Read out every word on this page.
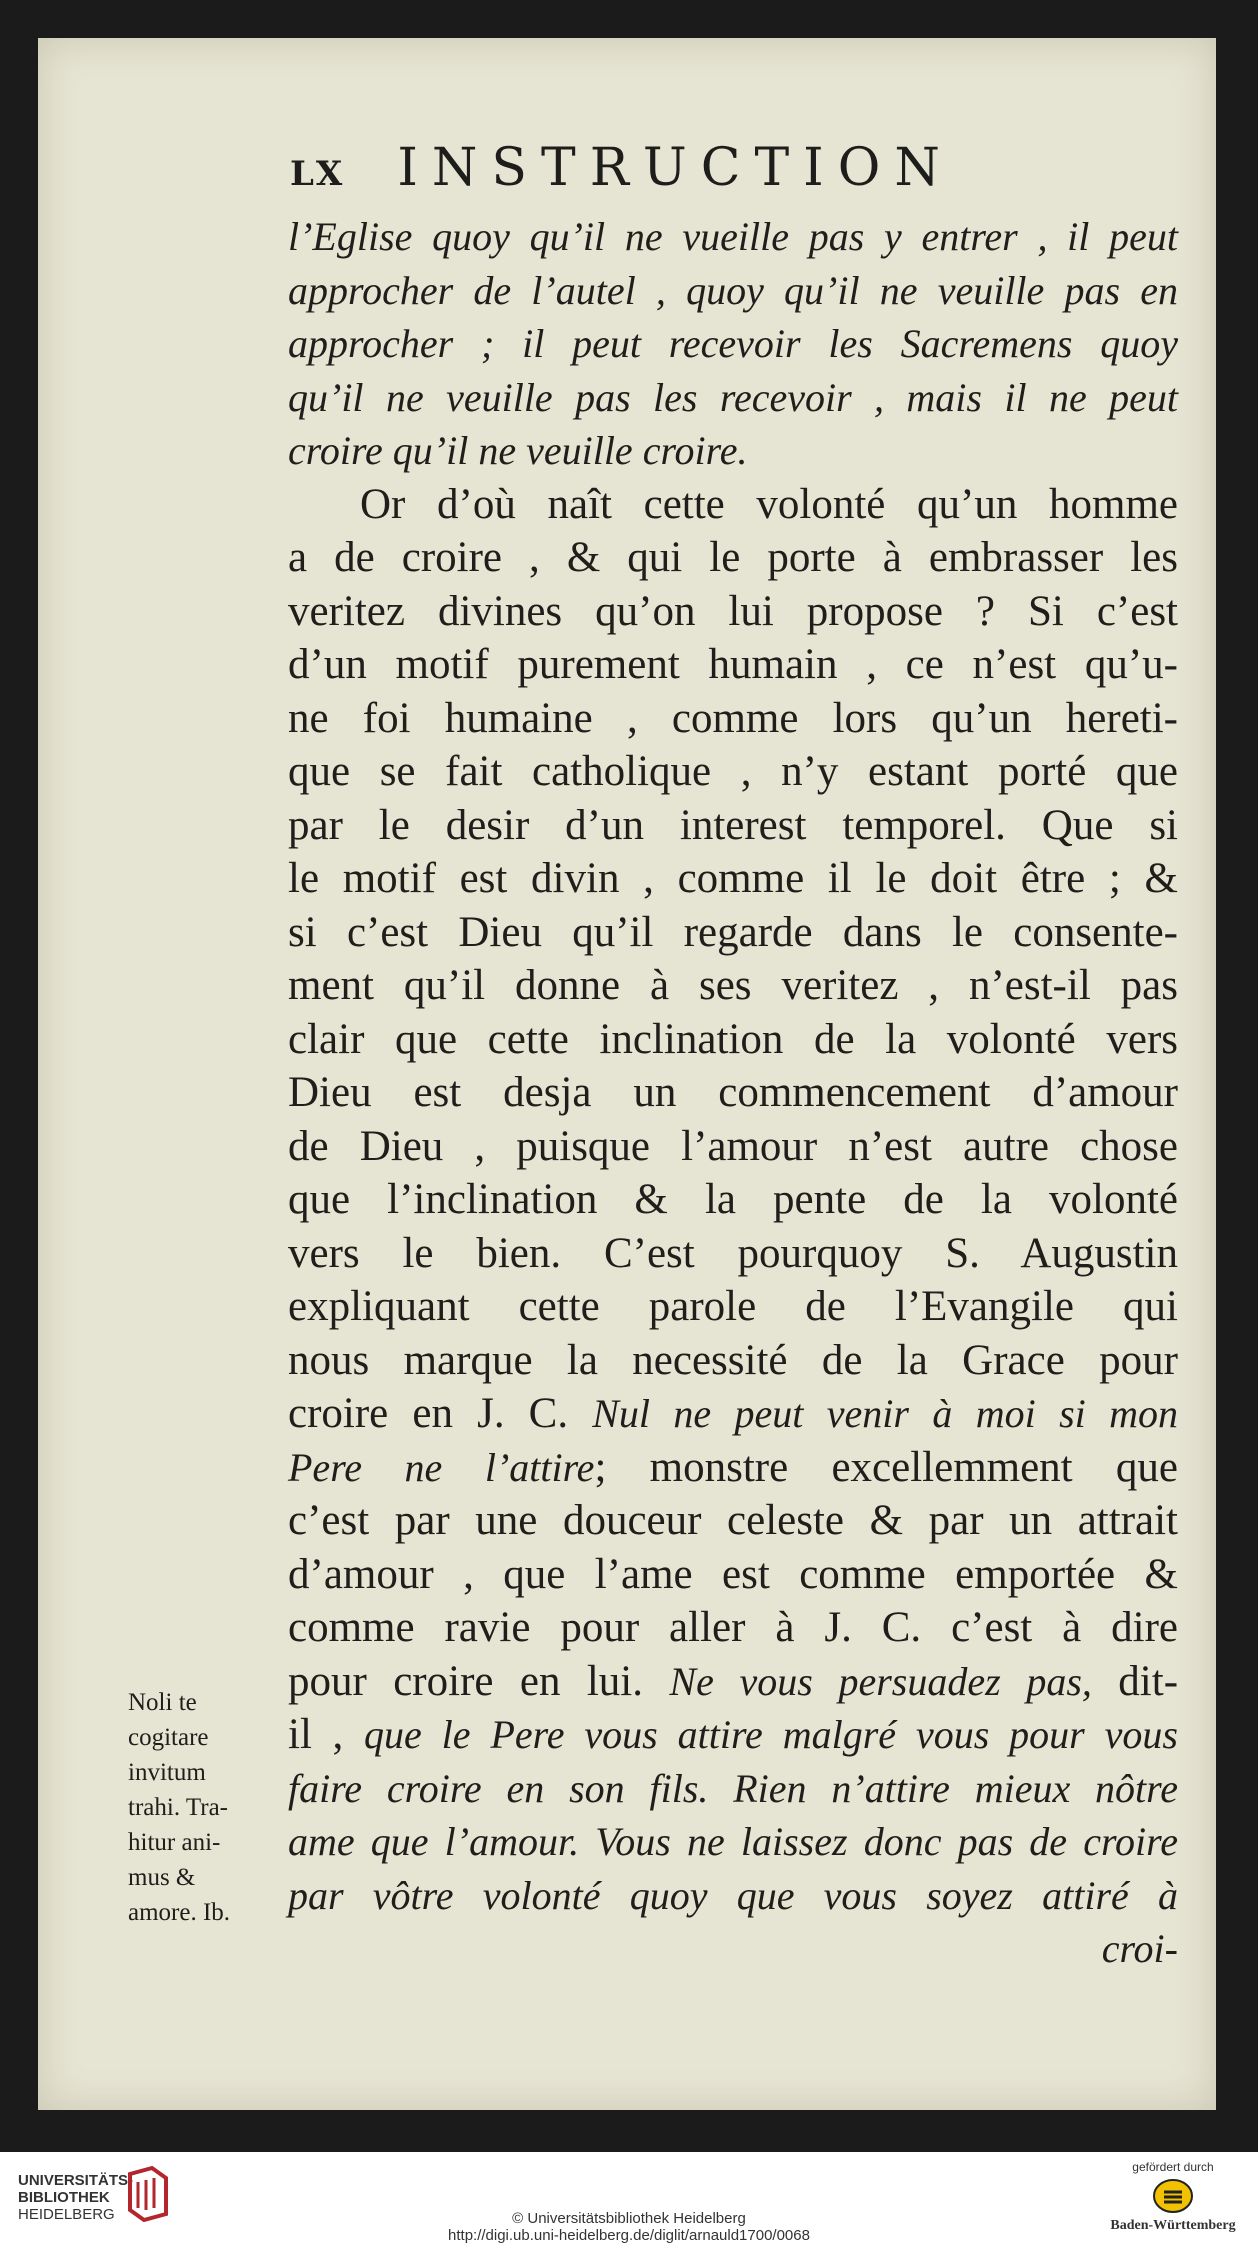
LX INSTRUCTION
l’Eglise quoy qu’il ne vueille pas y entrer , il peut
approcher de l’autel , quoy qu’il ne veuille pas en
approcher ; il peut recevoir les Sacremens quoy
qu’il ne veuille pas les recevoir , mais il ne peut
croire qu’il ne veuille croire.
Or d’où naît cette volonté qu’un homme
a de croire , & qui le porte à embrasser les
veritez divines qu’on lui propose ? Si c’est
d’un motif purement humain , ce n’est qu’u-
ne foi humaine , comme lors qu’un hereti-
que se fait catholique , n’y estant porté que
par le desir d’un interest temporel. Que si
le motif est divin , comme il le doit être ; &
si c’est Dieu qu’il regarde dans le consente-
ment qu’il donne à ses veritez , n’est-il pas
clair que cette inclination de la volonté vers
Dieu est desja un commencement d’amour
de Dieu , puisque l’amour n’est autre chose
que l’inclination & la pente de la volonté
vers le bien. C’est pourquoy S. Augustin
expliquant cette parole de l’Evangile qui
nous marque la necessité de la Grace pour
croire en J. C. Nul ne peut venir à moi si mon
Pere ne l’attire; monstre excellemment que
c’est par une douceur celeste & par un attrait
d’amour , que l’ame est comme emportée &
comme ravie pour aller à J. C. c’est à dire
pour croire en lui. Ne vous persuadez pas, dit-
il , que le Pere vous attire malgré vous pour vous
faire croire en son fils. Rien n’attire mieux nôtre
ame que l’amour. Vous ne laissez donc pas de croire
par vôtre volonté quoy que vous soyez attiré à
croi-
Noli te
cogitare
invitum
trahi. Tra-
hitur ani-
mus &
amore. Ib.
UNIVERSITÄTS-
BIBLIOTHEK
HEIDELBERG	© Universitätsbibliothek Heidelberg
http://digi.ub.uni-heidelberg.de/diglit/arnauld1700/0068
gefördert durch
Baden-Württemberg
